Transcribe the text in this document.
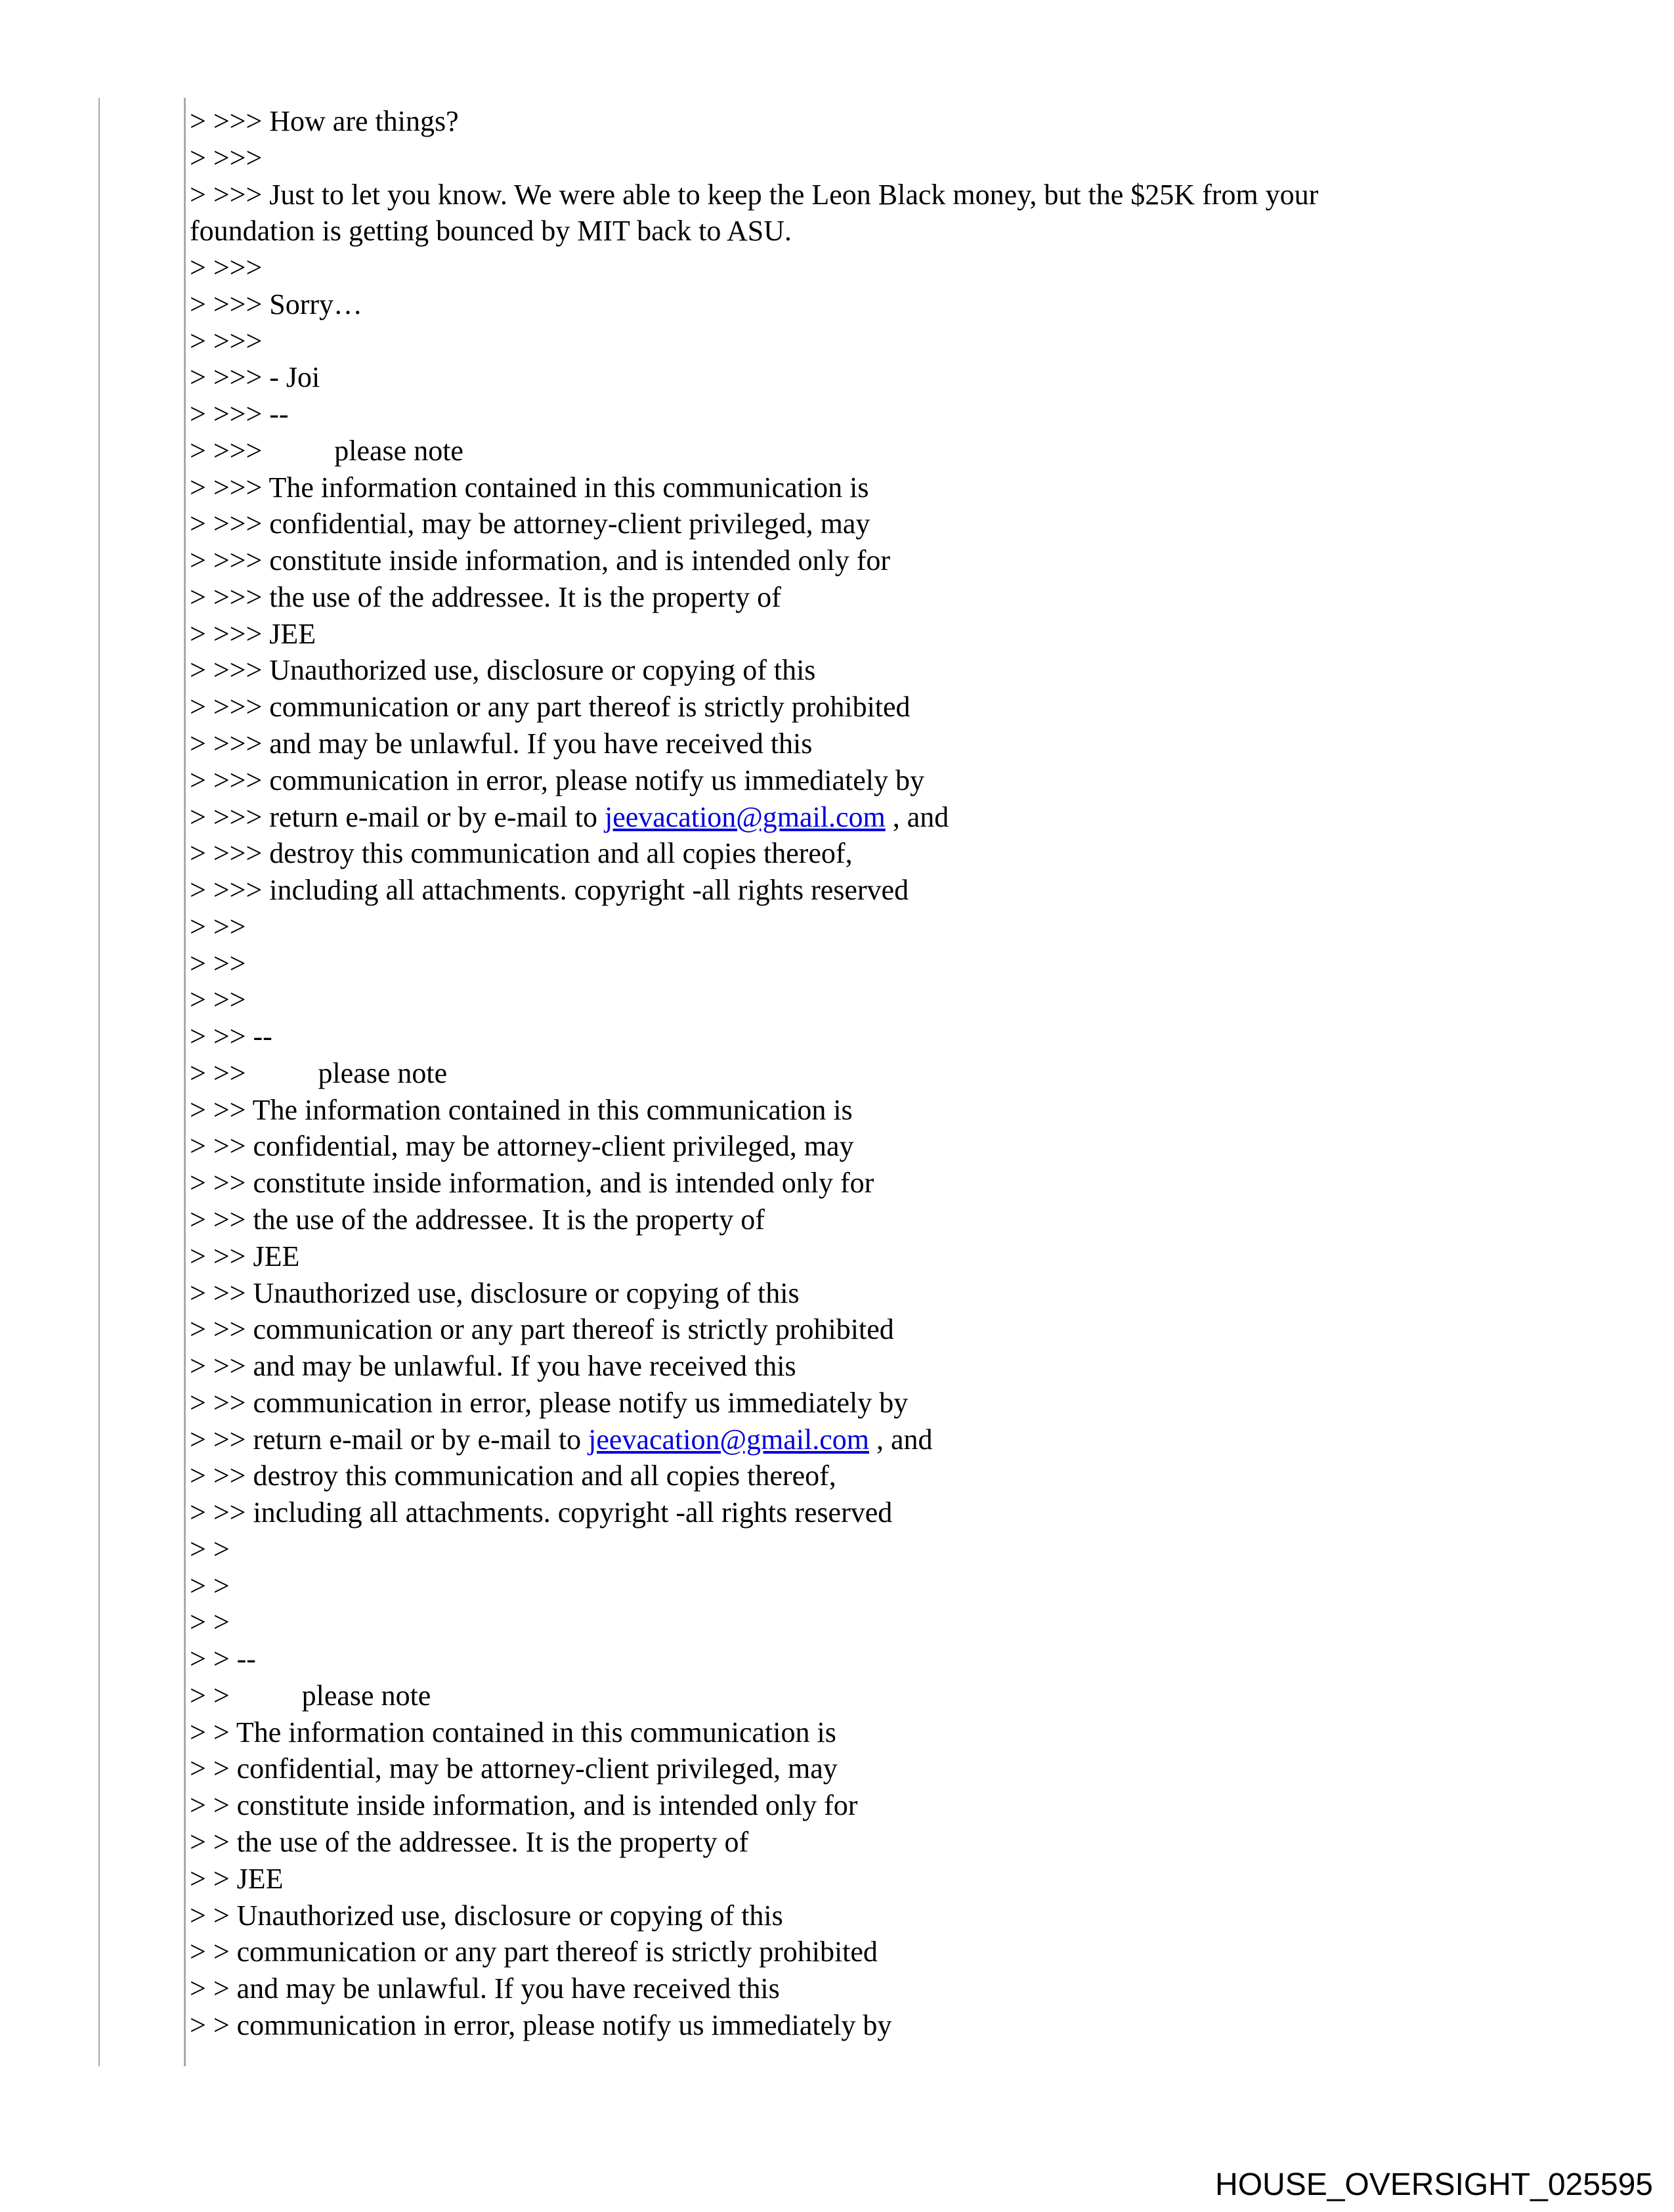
> >>> How are things?
> >>>
> >>> Just to let you know. We were able to keep the Leon Black money, but the $25K from your
foundation is getting bounced by MIT back to ASU.
> >>>
> >>> Sorry…
> >>>
> >>> - Joi
> >>> --
> >>>          please note
> >>> The information contained in this communication is
> >>> confidential, may be attorney-client privileged, may
> >>> constitute inside information, and is intended only for
> >>> the use of the addressee. It is the property of
> >>> JEE
> >>> Unauthorized use, disclosure or copying of this
> >>> communication or any part thereof is strictly prohibited
> >>> and may be unlawful. If you have received this
> >>> communication in error, please notify us immediately by
> >>> return e-mail or by e-mail to jeevacation@gmail.com , and
> >>> destroy this communication and all copies thereof,
> >>> including all attachments. copyright -all rights reserved
> >>
> >>
> >>
> >> --
> >>          please note
> >> The information contained in this communication is
> >> confidential, may be attorney-client privileged, may
> >> constitute inside information, and is intended only for
> >> the use of the addressee. It is the property of
> >> JEE
> >> Unauthorized use, disclosure or copying of this
> >> communication or any part thereof is strictly prohibited
> >> and may be unlawful. If you have received this
> >> communication in error, please notify us immediately by
> >> return e-mail or by e-mail to jeevacation@gmail.com , and
> >> destroy this communication and all copies thereof,
> >> including all attachments. copyright -all rights reserved
> >
> >
> >
> > --
> >          please note
> > The information contained in this communication is
> > confidential, may be attorney-client privileged, may
> > constitute inside information, and is intended only for
> > the use of the addressee. It is the property of
> > JEE
> > Unauthorized use, disclosure or copying of this
> > communication or any part thereof is strictly prohibited
> > and may be unlawful. If you have received this
> > communication in error, please notify us immediately by
HOUSE_OVERSIGHT_025595
